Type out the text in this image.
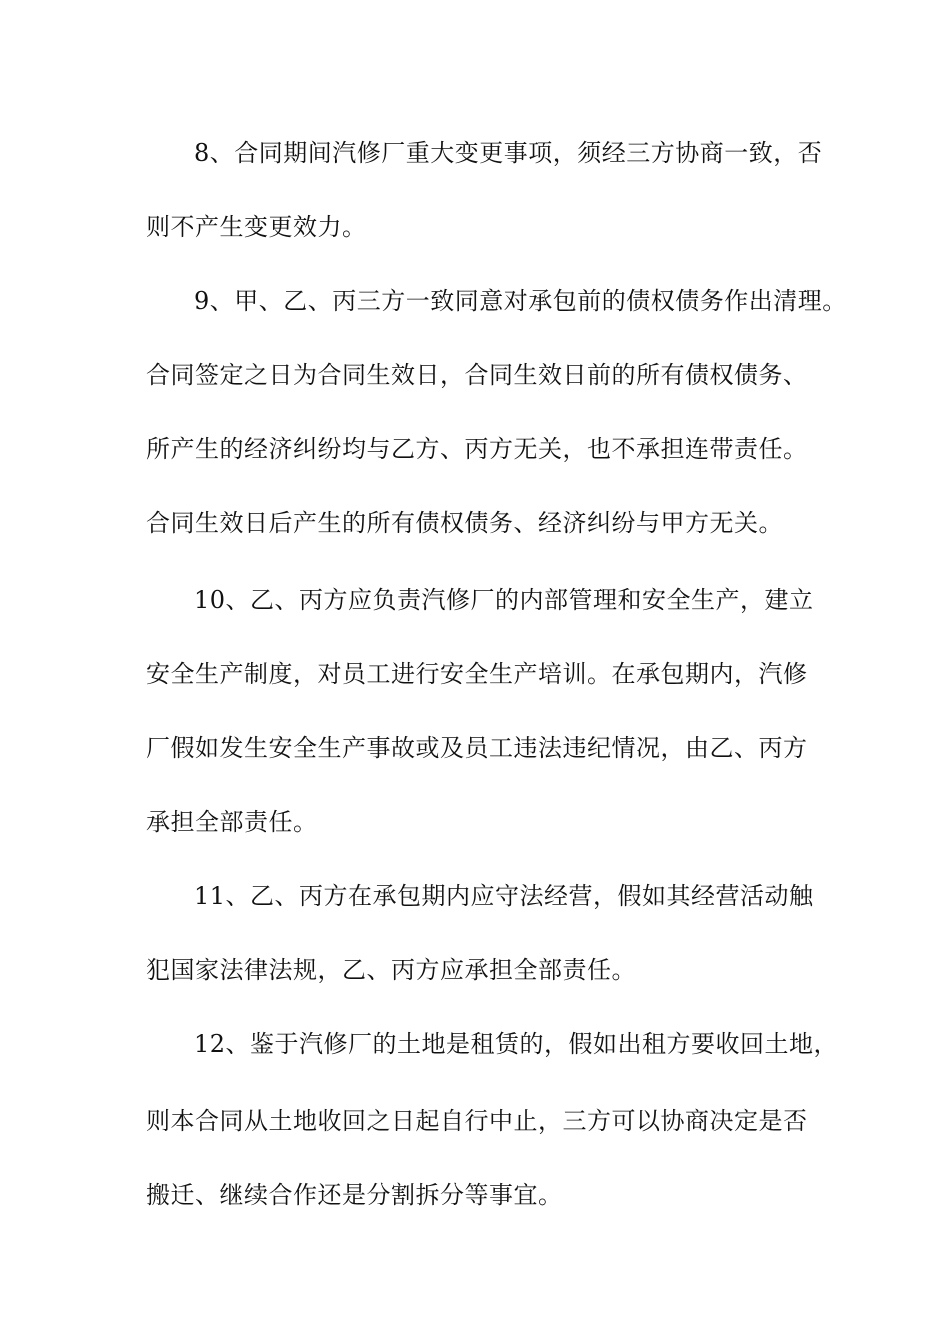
8、合同期间汽修厂重大变更事项，须经三方协商一致，否
则不产生变更效力。
9、甲、乙、丙三方一致同意对承包前的债权债务作出清理。
合同签定之日为合同生效日，合同生效日前的所有债权债务、
所产生的经济纠纷均与乙方、丙方无关，也不承担连带责任。
合同生效日后产生的所有债权债务、经济纠纷与甲方无关。
10、乙、丙方应负责汽修厂的内部管理和安全生产，建立
安全生产制度，对员工进行安全生产培训。在承包期内，汽修
厂假如发生安全生产事故或及员工违法违纪情况，由乙、丙方
承担全部责任。
11、乙、丙方在承包期内应守法经营，假如其经营活动触
犯国家法律法规，乙、丙方应承担全部责任。
12、鉴于汽修厂的土地是租赁的，假如出租方要收回土地，
则本合同从土地收回之日起自行中止，三方可以协商决定是否
搬迁、继续合作还是分割拆分等事宜。
